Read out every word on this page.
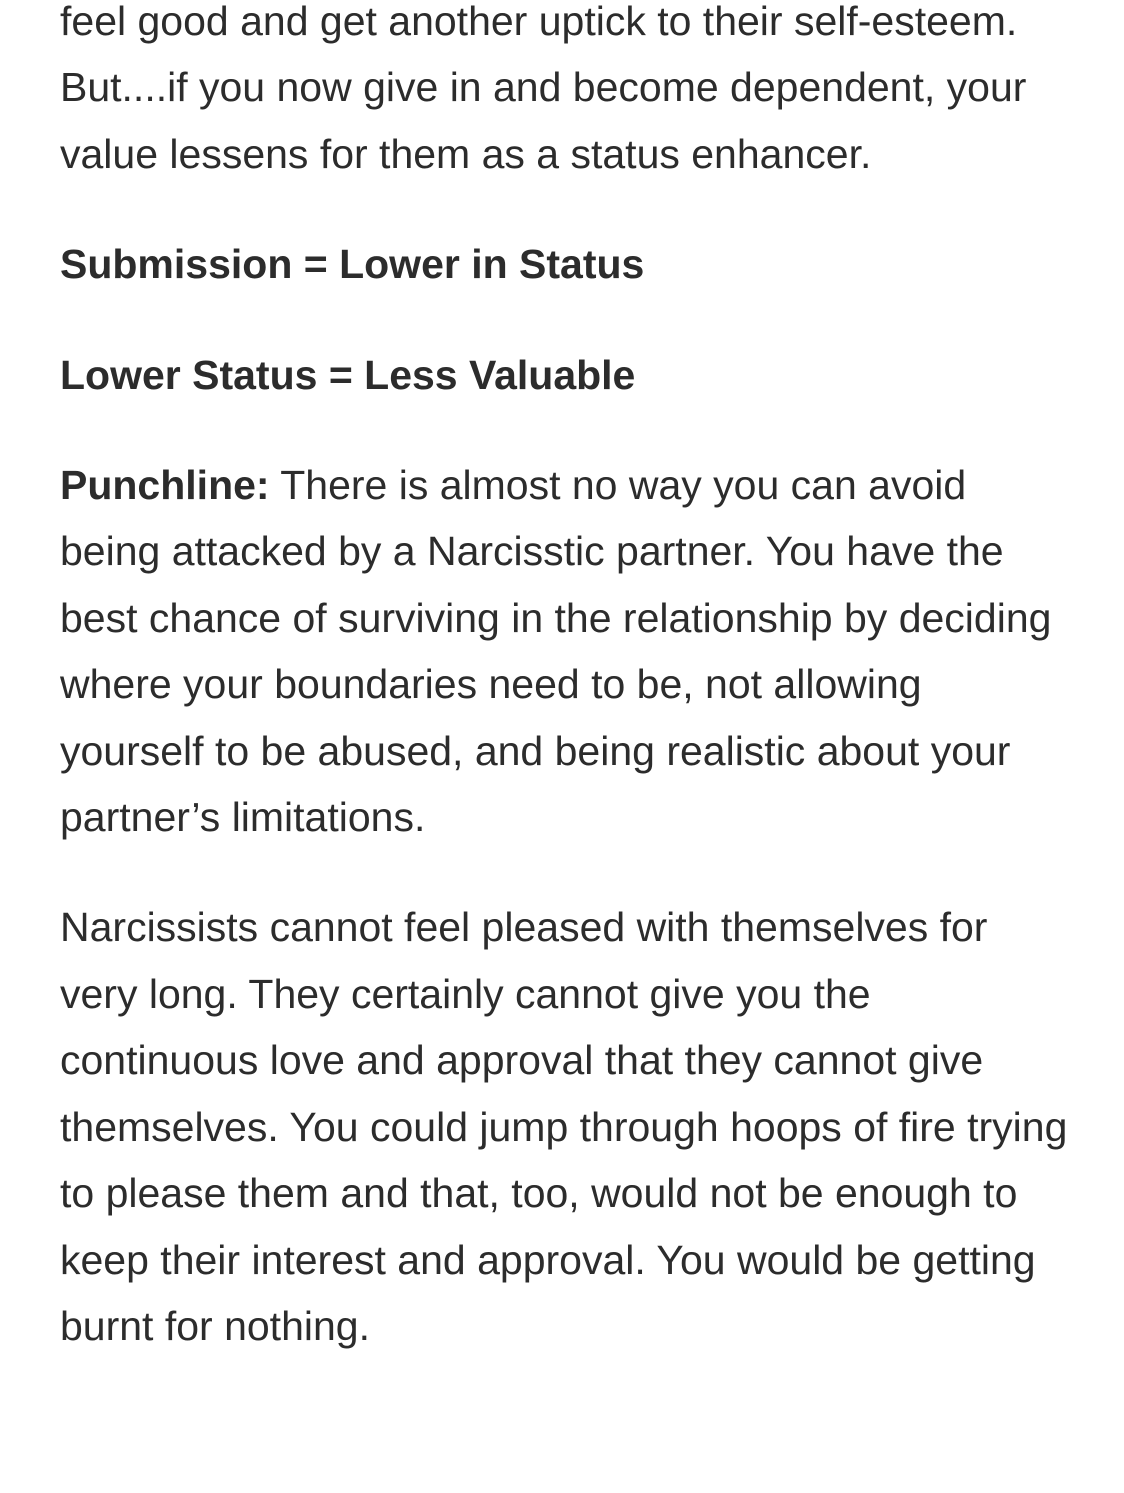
feel good and get another uptick to their self-esteem. But....if you now give in and become dependent, your value lessens for them as a status enhancer.

Submission = Lower in Status

Lower Status = Less Valuable

Punchline: There is almost no way you can avoid being attacked by a Narcisstic partner. You have the best chance of surviving in the relationship by deciding where your boundaries need to be, not allowing yourself to be abused, and being realistic about your partner’s limitations.

Narcissists cannot feel pleased with themselves for very long. They certainly cannot give you the continuous love and approval that they cannot give themselves. You could jump through hoops of fire trying to please them and that, too, would not be enough to keep their interest and approval. You would be getting burnt for nothing.
